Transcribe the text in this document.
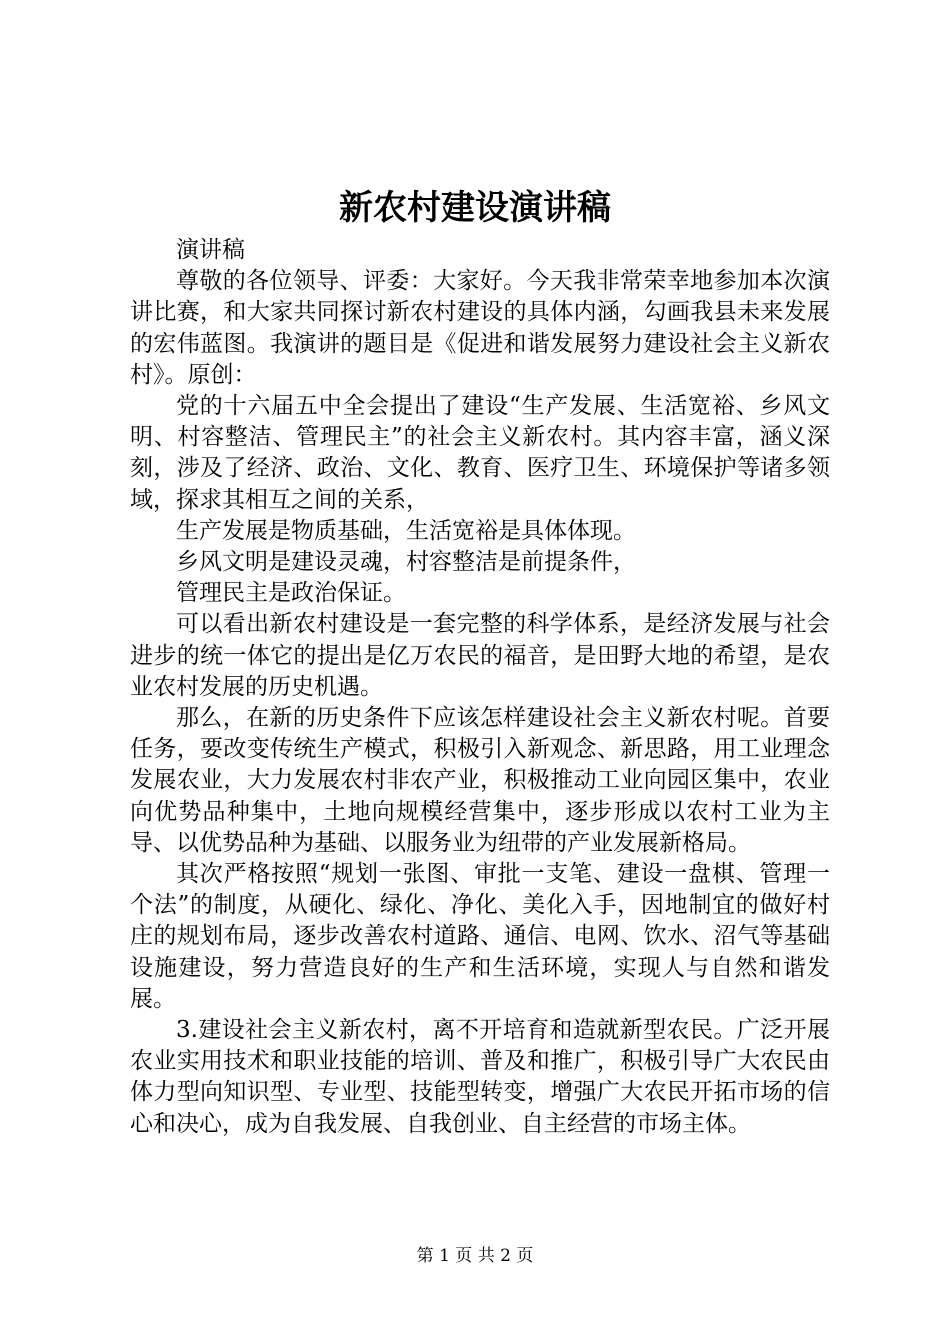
新农村建设演讲稿

演讲稿

尊敬的各位领导、评委：大家好。今天我非常荣幸地参加本次演讲比赛，和大家共同探讨新农村建设的具体内涵，勾画我县未来发展的宏伟蓝图。我演讲的题目是《促进和谐发展努力建设社会主义新农村》。原创：

党的十六届五中全会提出了建设“生产发展、生活宽裕、乡风文明、村容整洁、管理民主”的社会主义新农村。其内容丰富，涵义深刻，涉及了经济、政治、文化、教育、医疗卫生、环境保护等诸多领域，探求其相互之间的关系，

生产发展是物质基础，生活宽裕是具体体现。

乡风文明是建设灵魂，村容整洁是前提条件，

管理民主是政治保证。

可以看出新农村建设是一套完整的科学体系，是经济发展与社会进步的统一体它的提出是亿万农民的福音，是田野大地的希望，是农业农村发展的历史机遇。

那么，在新的历史条件下应该怎样建设社会主义新农村呢。首要任务，要改变传统生产模式，积极引入新观念、新思路，用工业理念发展农业，大力发展农村非农产业，积极推动工业向园区集中，农业向优势品种集中，土地向规模经营集中，逐步形成以农村工业为主导、以优势品种为基础、以服务业为纽带的产业发展新格局。

其次严格按照“规划一张图、审批一支笔、建设一盘棋、管理一个法”的制度，从硬化、绿化、净化、美化入手，因地制宜的做好村庄的规划布局，逐步改善农村道路、通信、电网、饮水、沼气等基础设施建设，努力营造良好的生产和生活环境，实现人与自然和谐发展。

3.建设社会主义新农村，离不开培育和造就新型农民。广泛开展农业实用技术和职业技能的培训、普及和推广，积极引导广大农民由体力型向知识型、专业型、技能型转变，增强广大农民开拓市场的信心和决心，成为自我发展、自我创业、自主经营的市场主体。

第 1 页 共 2 页
